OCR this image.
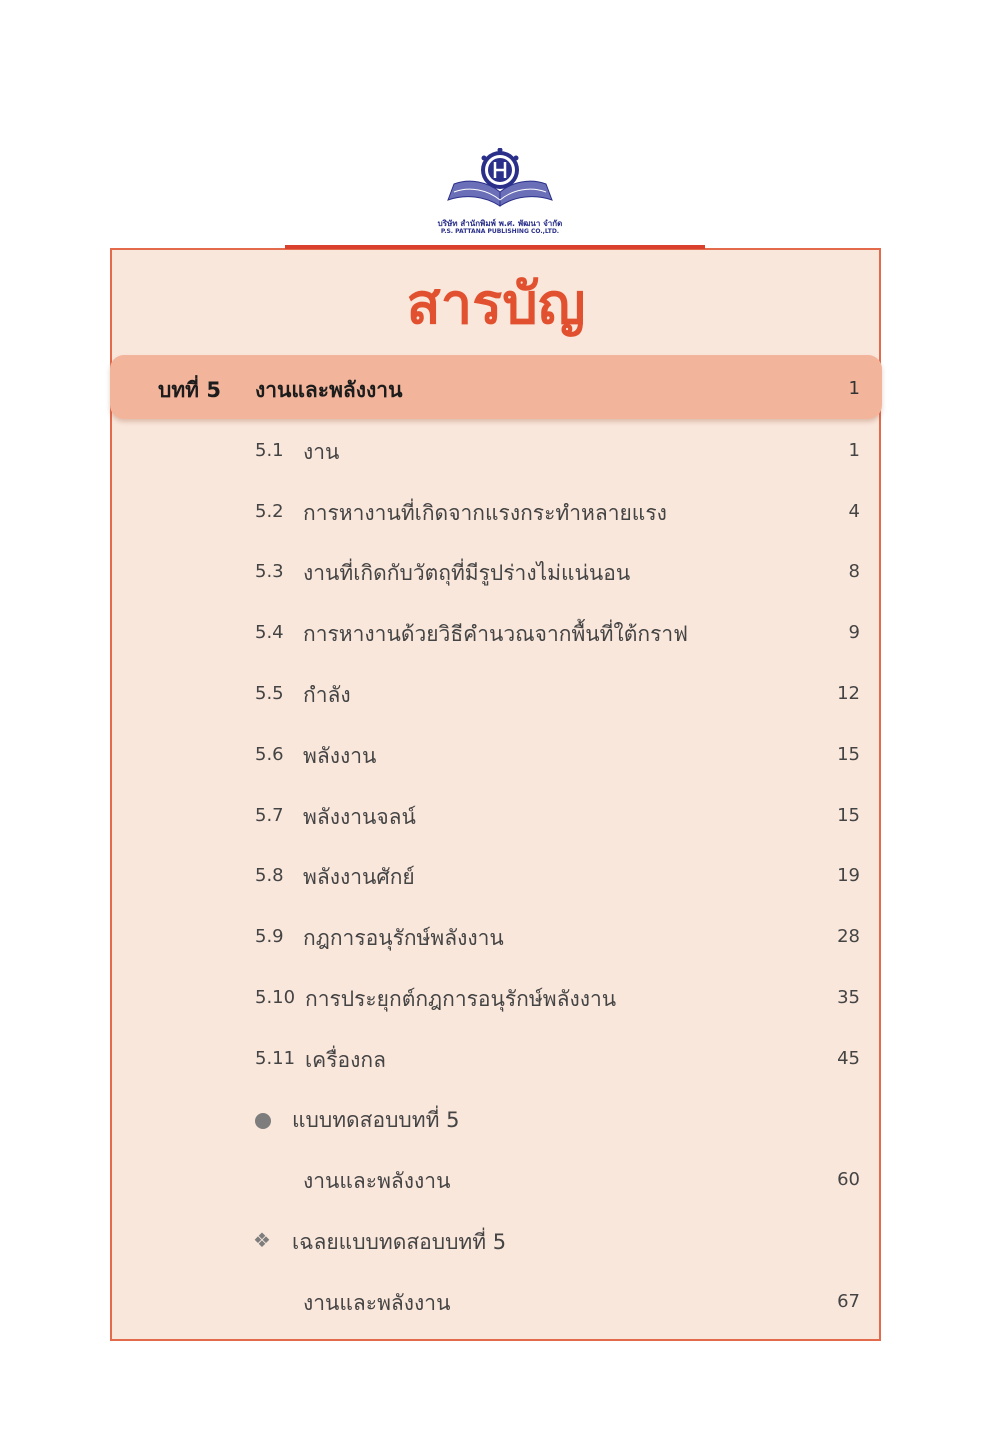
บริษัท สำนักพิมพ์ พ.ศ. พัฒนา จำกัด
P.S. PATTANA PUBLISHING CO.,LTD.
สารบัญ
บทที่ 5 งานและพลังงาน	1
5.1 งาน	1
5.2 การหางานที่เกิดจากแรงกระทำหลายแรง	4
5.3 งานที่เกิดกับวัตถุที่มีรูปร่างไม่แน่นอน	8
5.4 การหางานด้วยวิธีคำนวณจากพื้นที่ใต้กราฟ	9
5.5 กำลัง	12
5.6 พลังงาน	15
5.7 พลังงานจลน์	15
5.8 พลังงานศักย์	19
5.9 กฎการอนุรักษ์พลังงาน	28
5.10 การประยุกต์กฎการอนุรักษ์พลังงาน	35
5.11 เครื่องกล	45
แบบทดสอบบทที่ 5
งานและพลังงาน	60
❖ เฉลยแบบทดสอบบทที่ 5
งานและพลังงาน	67
